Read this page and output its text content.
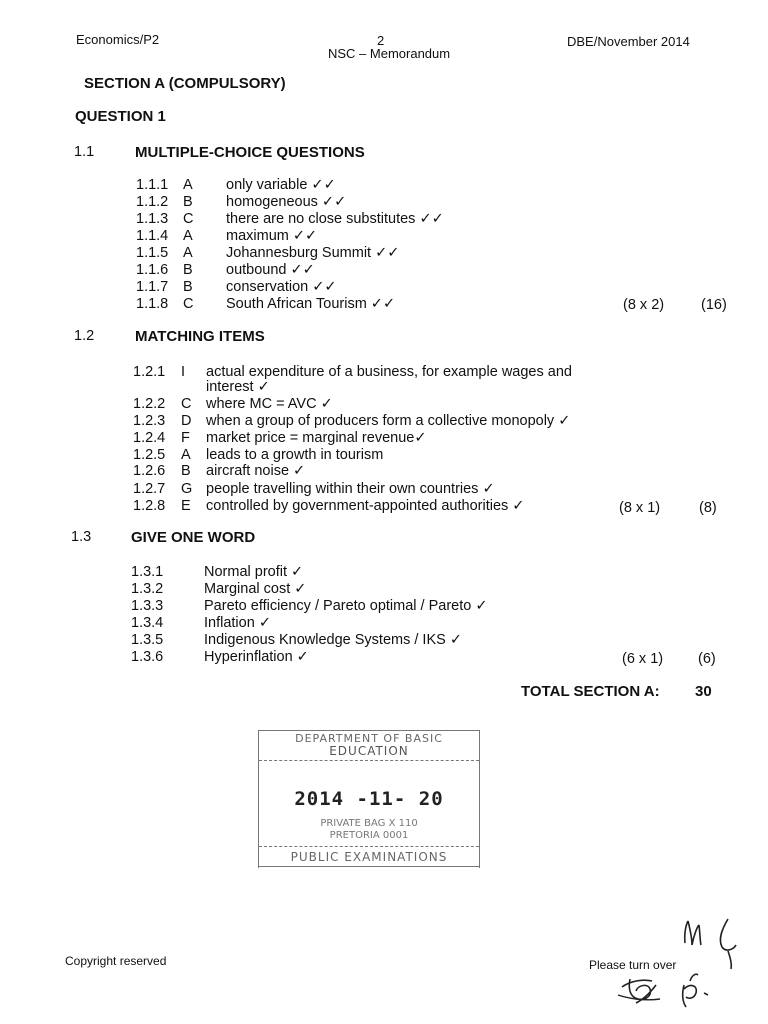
Economics/P2	2
NSC – Memorandum
DBE/November 2014
SECTION A (COMPULSORY)
QUESTION 1
1.1	MULTIPLE-CHOICE QUESTIONS
1.1.1 A only variable ✓✓
1.1.2 B homogeneous ✓✓
1.1.3 C there are no close substitutes ✓✓
1.1.4 A maximum ✓✓
1.1.5 A Johannesburg Summit ✓✓
1.1.6 B outbound ✓✓
1.1.7 B conservation ✓✓
1.1.8 C South African Tourism ✓✓	(8 x 2)	(16)
1.2	MATCHING ITEMS
1.2.1 I actual expenditure of a business, for example wages and
interest ✓
1.2.2 C where MC = AVC ✓
1.2.3 D when a group of producers form a collective monopoly ✓
1.2.4 F market price = marginal revenue✓
1.2.5 A leads to a growth in tourism
1.2.6 B aircraft noise ✓
1.2.7 G people travelling within their own countries ✓
1.2.8 E controlled by government-appointed authorities ✓	(8 x 1)	(8)
1.3	GIVE ONE WORD
1.3.1	Normal profit ✓
1.3.2	Marginal cost ✓
1.3.3	Pareto efficiency / Pareto optimal / Pareto ✓
1.3.4	Inflation ✓
1.3.5	Indigenous Knowledge Systems / IKS ✓
1.3.6	Hyperinflation ✓	(6 x 1) (6)
TOTAL SECTION A: 30
DEPARTMENT OF BASIC
EDUCATION
2014 -11- 20
PRIVATE BAG X 110
PRETORIA 0001
PUBLIC EXAMINATIONS
Copyright reserved	Please turn over
